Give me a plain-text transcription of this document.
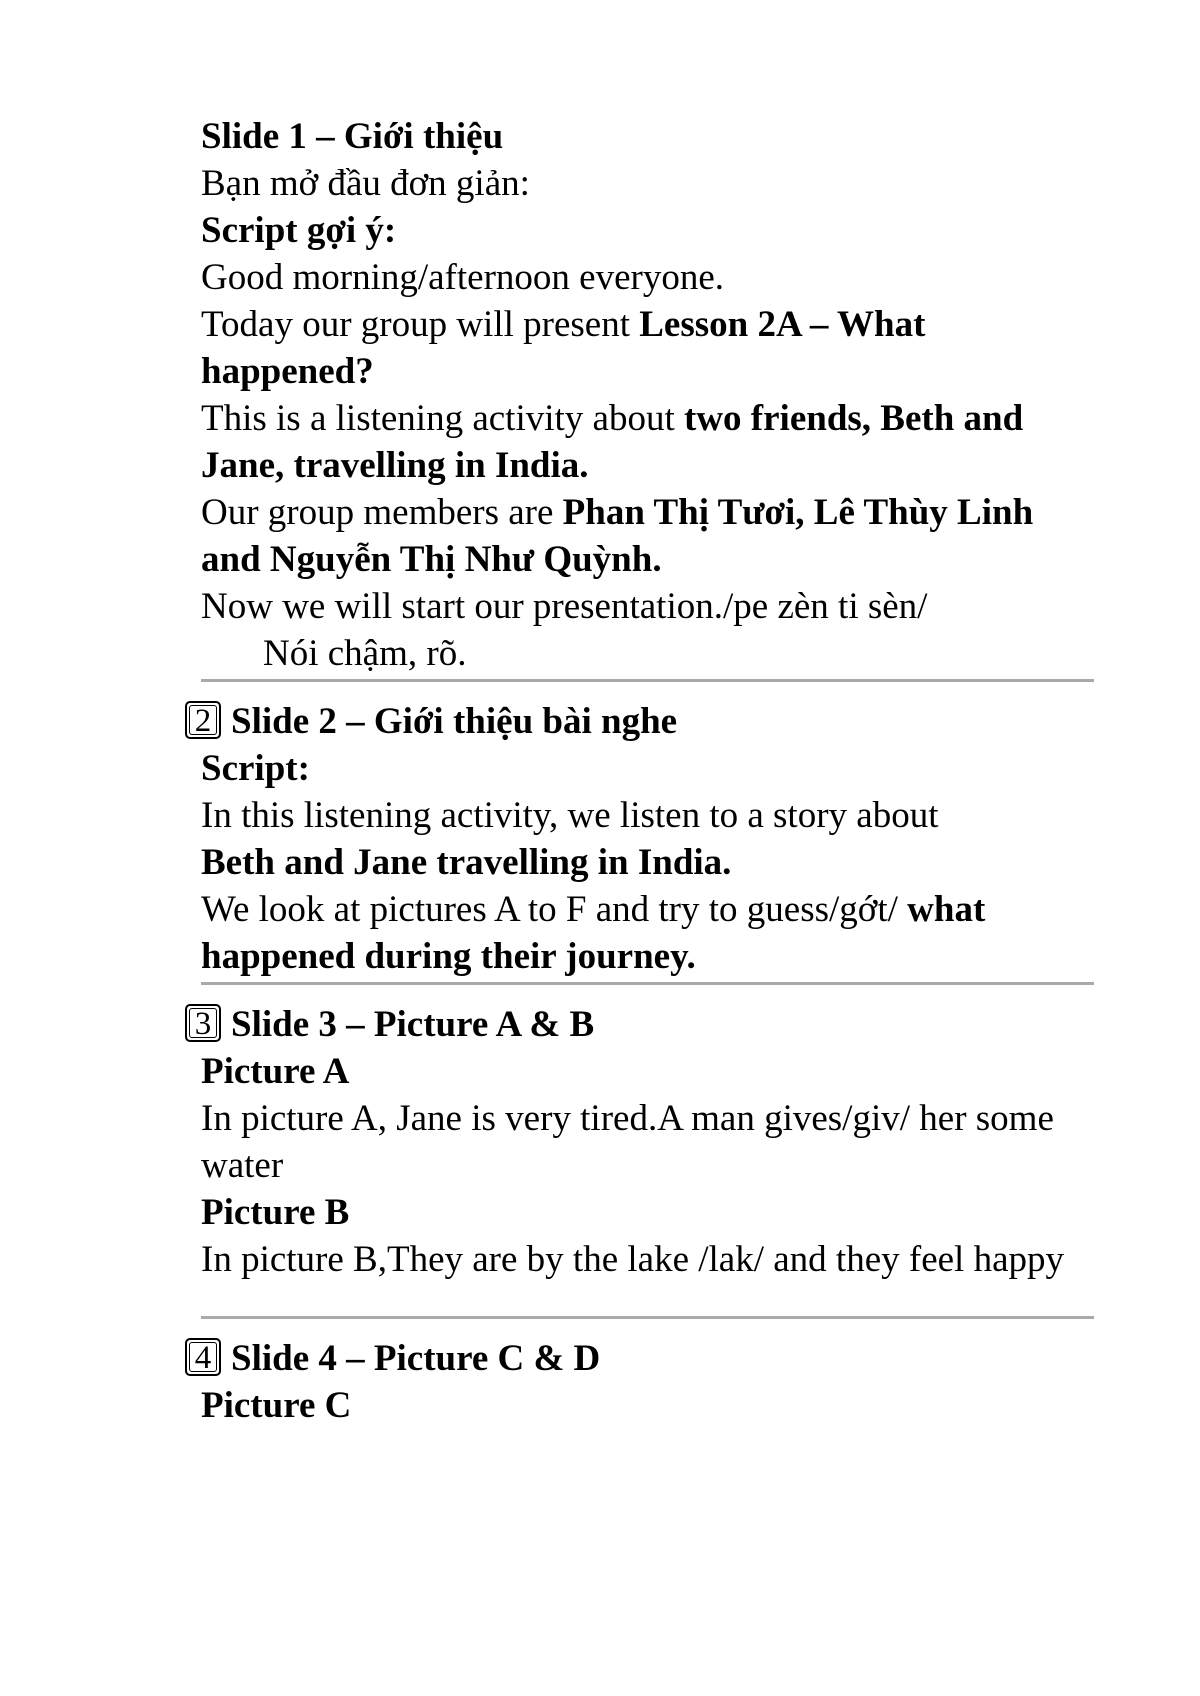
Slide 1 – Giới thiệu
Bạn mở đầu đơn giản:
Script gợi ý:
Good morning/afternoon everyone.
Today our group will present Lesson 2A – What happened?
This is a listening activity about two friends, Beth and Jane, travelling in India.
Our group members are Phan Thị Tươi, Lê Thùy Linh and Nguyễn Thị Như Quỳnh.
Now we will start our presentation./pe zèn ti sèn/
Nói chậm, rõ.
2 Slide 2 – Giới thiệu bài nghe
Script:
In this listening activity, we listen to a story about
Beth and Jane travelling in India.
We look at pictures A to F and try to guess/gớt/ what happened during their journey.
3 Slide 3 – Picture A & B
Picture A
In picture A, Jane is very tired.A man gives/giv/ her some water
Picture B
In picture B,They are by the lake /lak/ and they feel happy
4 Slide 4 – Picture C & D
Picture C
